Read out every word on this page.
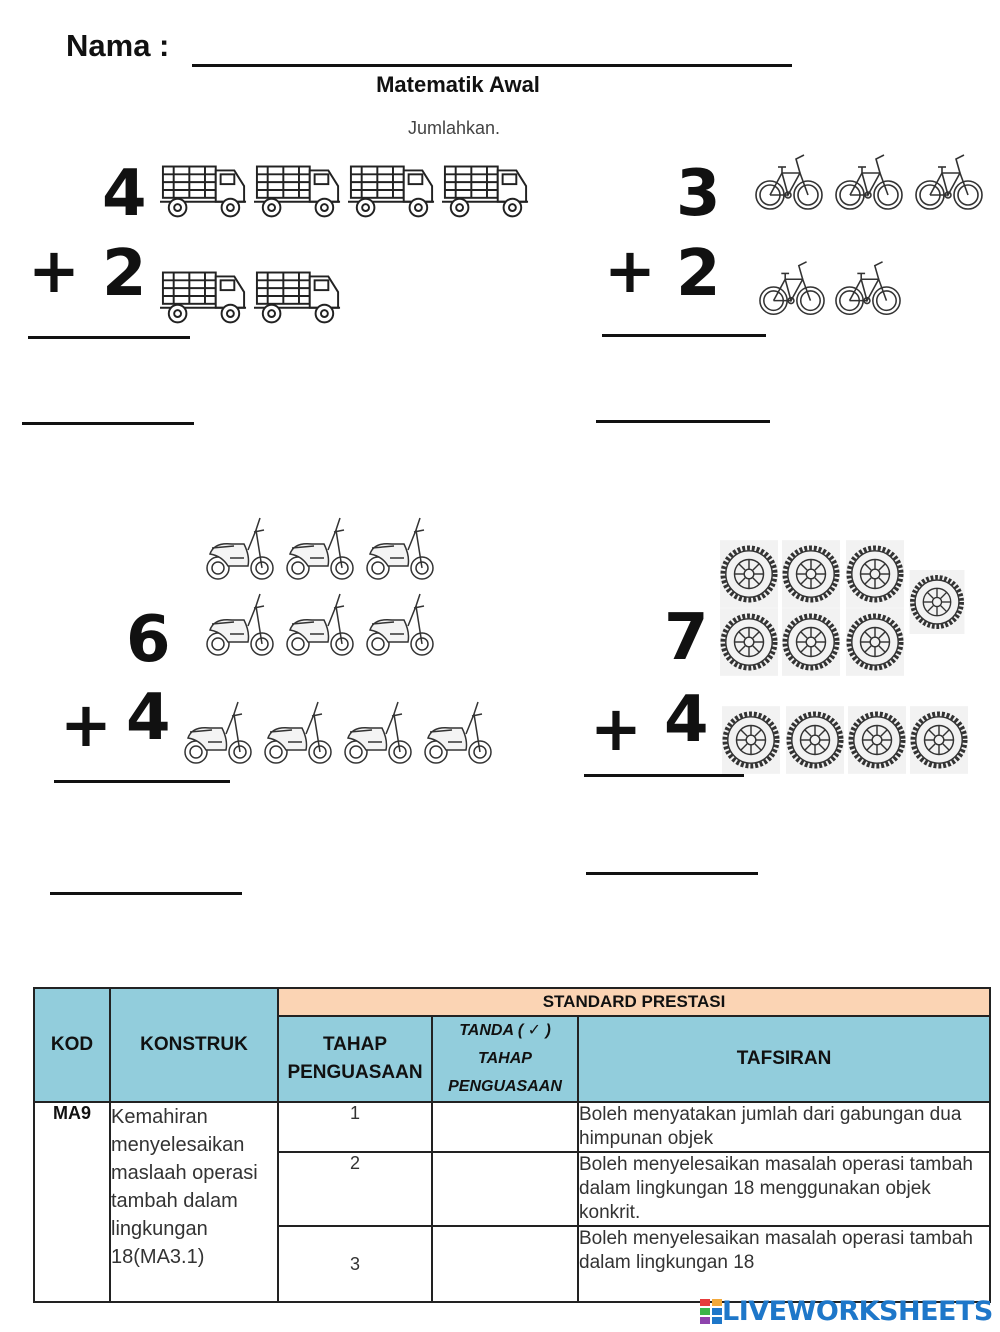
Nama :
Matematik Awal
Jumlahkan.
4
+ 2
3
+ 2
6
+ 4
7
+ 4
KOD	KONSTRUK	STANDARD PRESTASI		
		TAHAP PENGUASAAN	TANDA ( ✓ ) TAHAP PENGUASAAN	TAFSIRAN
MA9	Kemahiran menyelesaikan maslaah operasi tambah dalam lingkungan 18(MA3.1)	1		Boleh menyatakan jumlah dari gabungan dua himpunan objek
		2		Boleh menyelesaikan masalah operasi tambah dalam lingkungan 18 menggunakan objek konkrit.
		3		Boleh menyelesaikan masalah operasi tambah dalam lingkungan 18
LIVEWORKSHEETS
